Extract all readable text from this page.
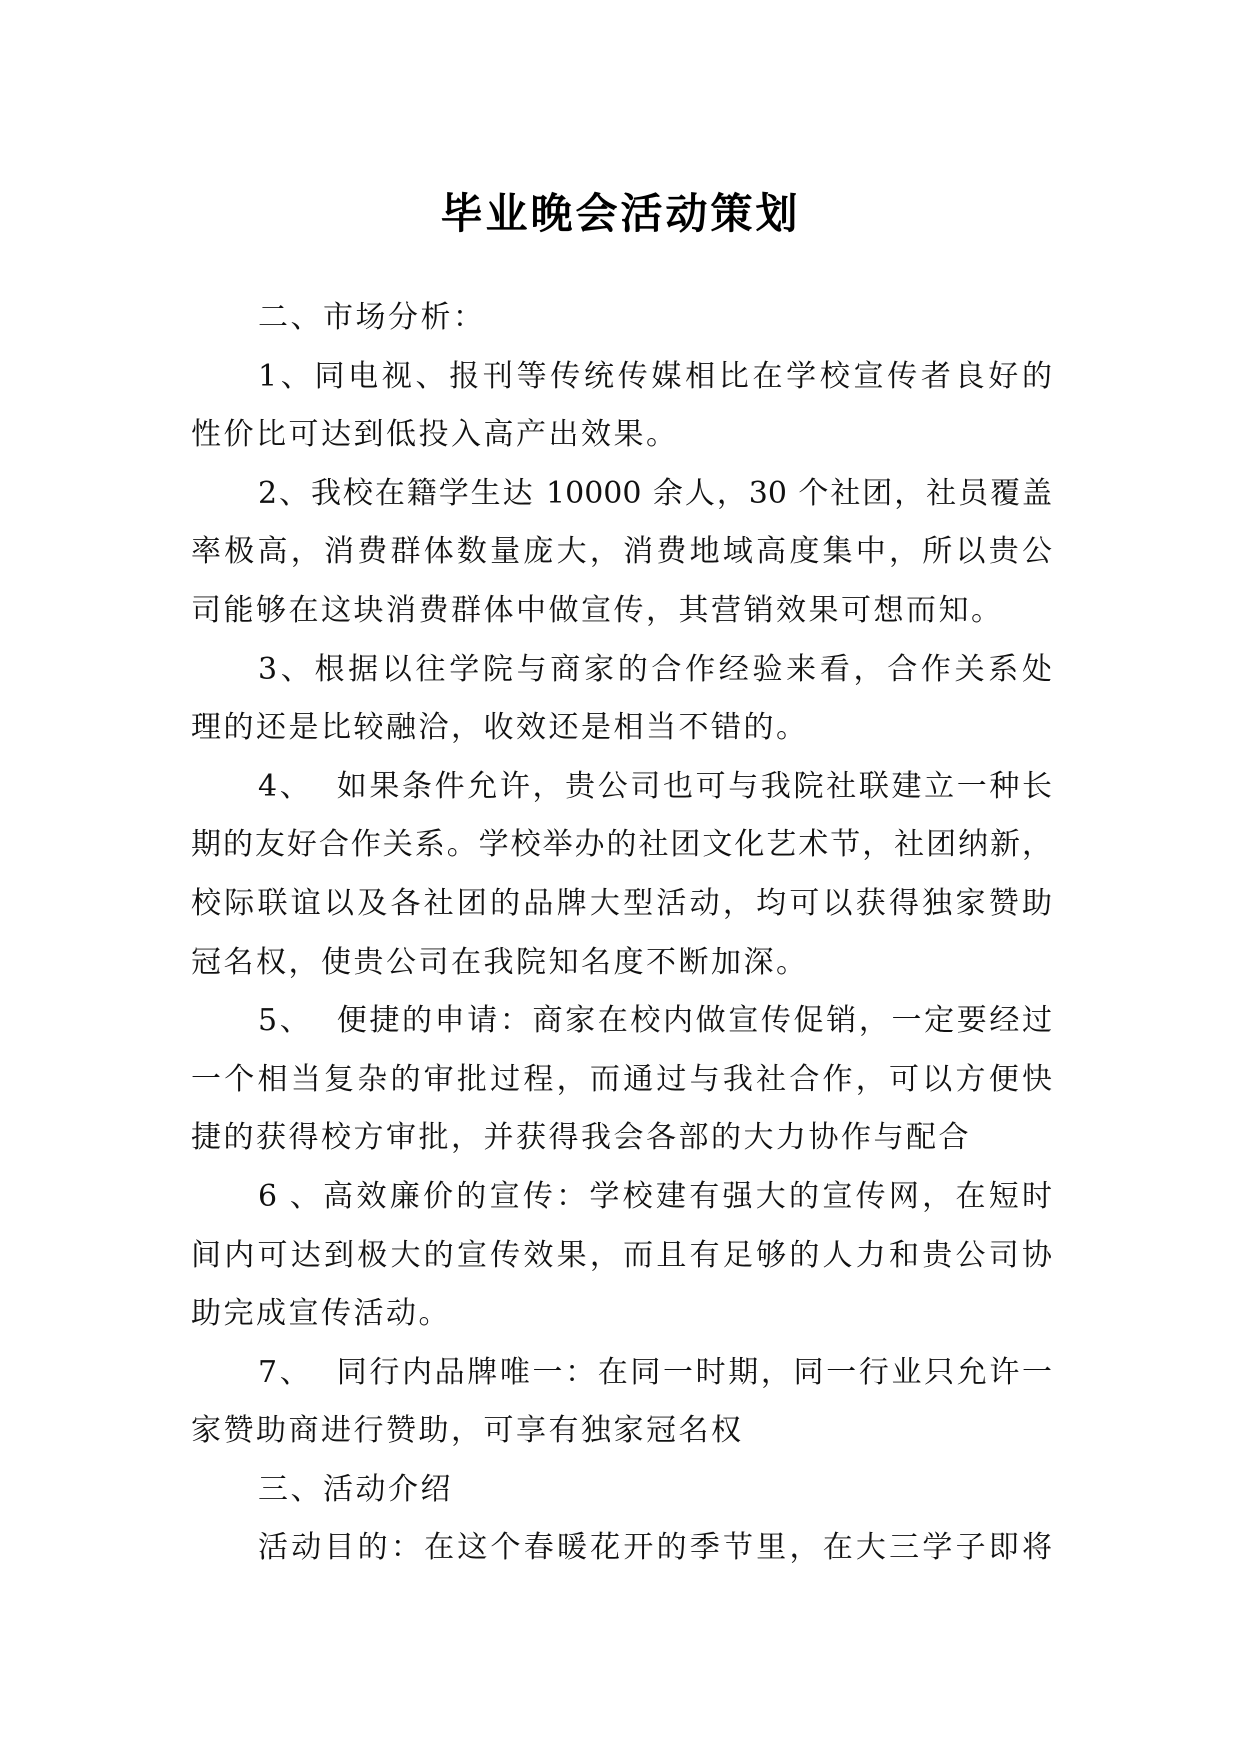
毕业晚会活动策划
二、市场分析：
1、同电视、报刊等传统传媒相比在学校宣传者良好的
性价比可达到低投入高产出效果。
2、我校在籍学生达 10000 余人，30 个社团，社员覆盖
率极高，消费群体数量庞大，消费地域高度集中，所以贵公
司能够在这块消费群体中做宣传，其营销效果可想而知。
3、根据以往学院与商家的合作经验来看，合作关系处
理的还是比较融洽，收效还是相当不错的。
4、  如果条件允许，贵公司也可与我院社联建立一种长
期的友好合作关系。学校举办的社团文化艺术节，社团纳新，
校际联谊以及各社团的品牌大型活动，均可以获得独家赞助
冠名权，使贵公司在我院知名度不断加深。
5、  便捷的申请：商家在校内做宣传促销，一定要经过
一个相当复杂的审批过程，而通过与我社合作，可以方便快
捷的获得校方审批，并获得我会各部的大力协作与配合
6 、高效廉价的宣传：学校建有强大的宣传网，在短时
间内可达到极大的宣传效果，而且有足够的人力和贵公司协
助完成宣传活动。
7、  同行内品牌唯一：在同一时期，同一行业只允许一
家赞助商进行赞助，可享有独家冠名权
三、活动介绍
活动目的：在这个春暖花开的季节里，在大三学子即将
